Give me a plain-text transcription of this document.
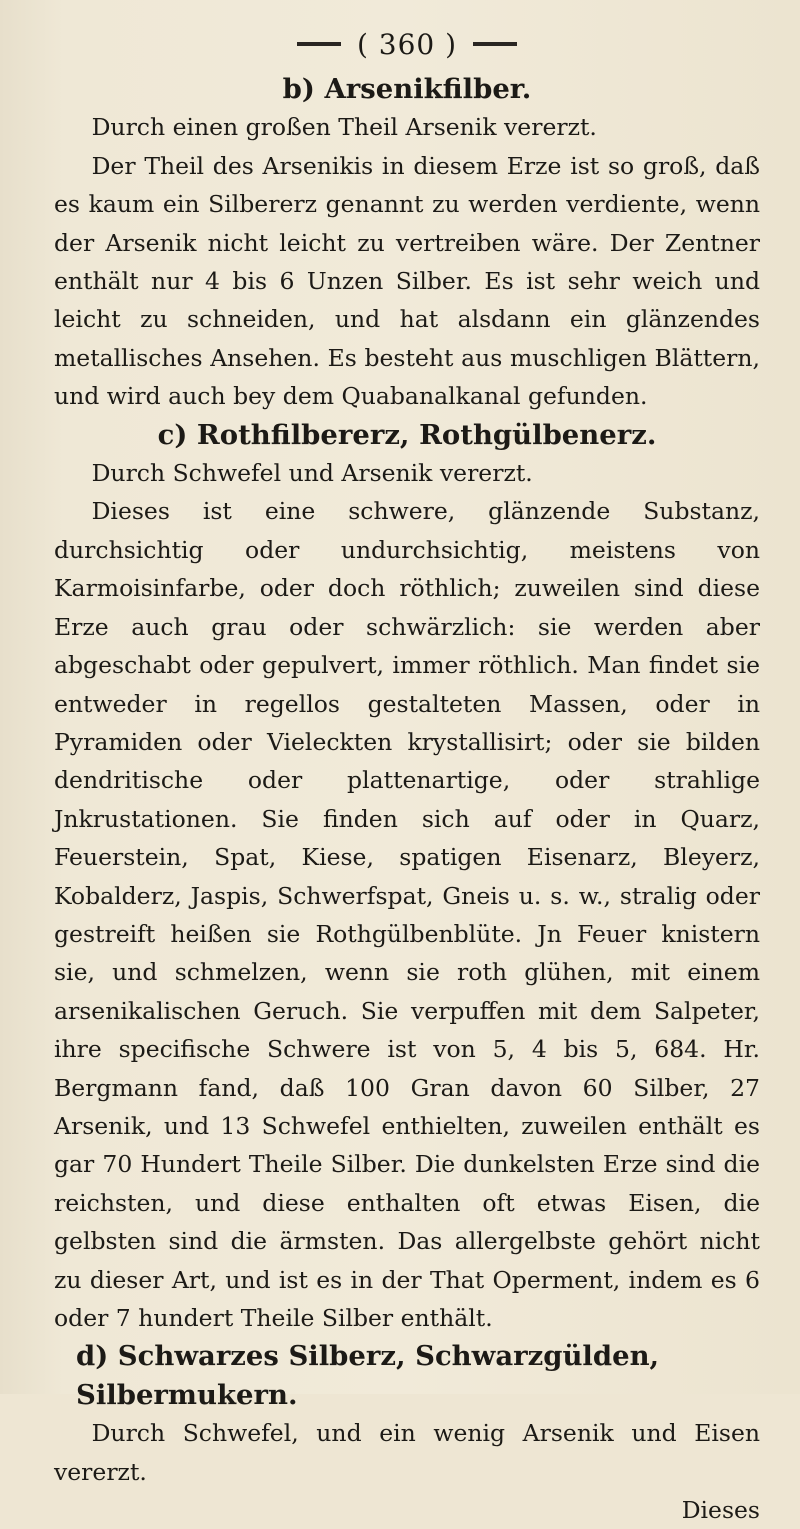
( 360 )
b) Arsenikfilber.

Durch einen großen Theil Arsenik vererzt.

Der Theil des Arsenikis in diesem Erze ist so groß, daß es kaum ein Silbererz genannt zu werden verdiente, wenn der Arsenik nicht leicht zu vertreiben wäre. Der Zentner enthält nur 4 bis 6 Unzen Silber. Es ist sehr weich und leicht zu schneiden, und hat alsdann ein glänzendes metallisches Ansehen. Es besteht aus muschligen Blättern, und wird auch bey dem Quabanalkanal gefunden.

c) Rothfilbererz, Rothgülbenerz.

Durch Schwefel und Arsenik vererzt.

Dieses ist eine schwere, glänzende Substanz, durchsichtig oder undurchsichtig, meistens von Karmoisinfarbe, oder doch röthlich; zuweilen sind diese Erze auch grau oder schwärzlich: sie werden aber abgeschabt oder gepulvert, immer röthlich. Man findet sie entweder in regellos gestalteten Massen, oder in Pyramiden oder Vieleckten krystallisirt; oder sie bilden dendritische oder plattenartige, oder strahlige Jnkrustationen. Sie finden sich auf oder in Quarz, Feuerstein, Spat, Kiese, spatigen Eisenarz, Bleyerz, Kobalderz, Jaspis, Schwerfspat, Gneis u. s. w., stralig oder gestreift heißen sie Rothgülbenblüte. Jn Feuer knistern sie, und schmelzen, wenn sie roth glühen, mit einem arsenikalischen Geruch. Sie verpuffen mit dem Salpeter, ihre specifische Schwere ist von 5, 4 bis 5, 684. Hr. Bergmann fand, daß 100 Gran davon 60 Silber, 27 Arsenik, und 13 Schwefel enthielten, zuweilen enthält es gar 70 Hundert Theile Silber. Die dunkelsten Erze sind die reichsten, und diese enthalten oft etwas Eisen, die gelbsten sind die ärmsten. Das allergelbste gehört nicht zu dieser Art, und ist es in der That Operment, indem es 6 oder 7 hundert Theile Silber enthält.

d) Schwarzes Silberz, Schwarzgülden, Silbermukern.

Durch Schwefel, und ein wenig Arsenik und Eisen vererzt.

Dieses
